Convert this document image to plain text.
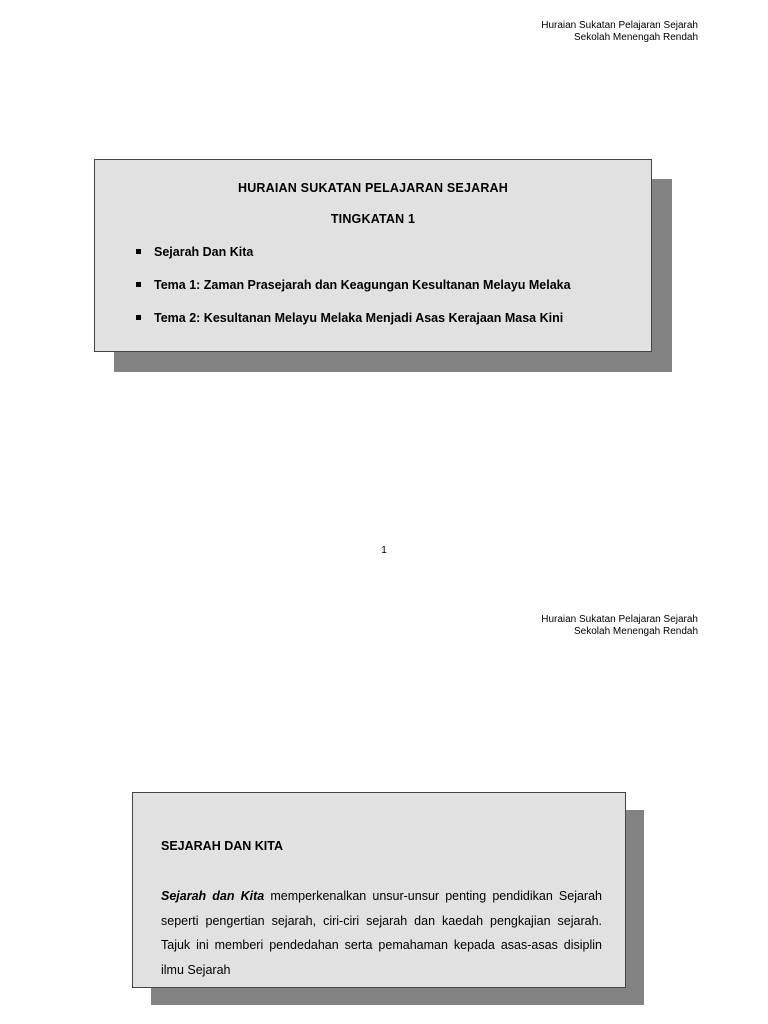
Huraian Sukatan Pelajaran Sejarah
Sekolah Menengah Rendah
HURAIAN SUKATAN PELAJARAN SEJARAH
TINGKATAN 1
Sejarah Dan Kita
Tema 1: Zaman Prasejarah dan Keagungan Kesultanan Melayu Melaka
Tema 2: Kesultanan Melayu Melaka Menjadi Asas Kerajaan Masa Kini
1
Huraian Sukatan Pelajaran Sejarah
Sekolah Menengah Rendah
SEJARAH DAN KITA

Sejarah dan Kita memperkenalkan unsur-unsur penting pendidikan Sejarah seperti pengertian sejarah, ciri-ciri sejarah dan kaedah pengkajian sejarah. Tajuk ini memberi pendedahan serta pemahaman kepada asas-asas disiplin ilmu Sejarah
